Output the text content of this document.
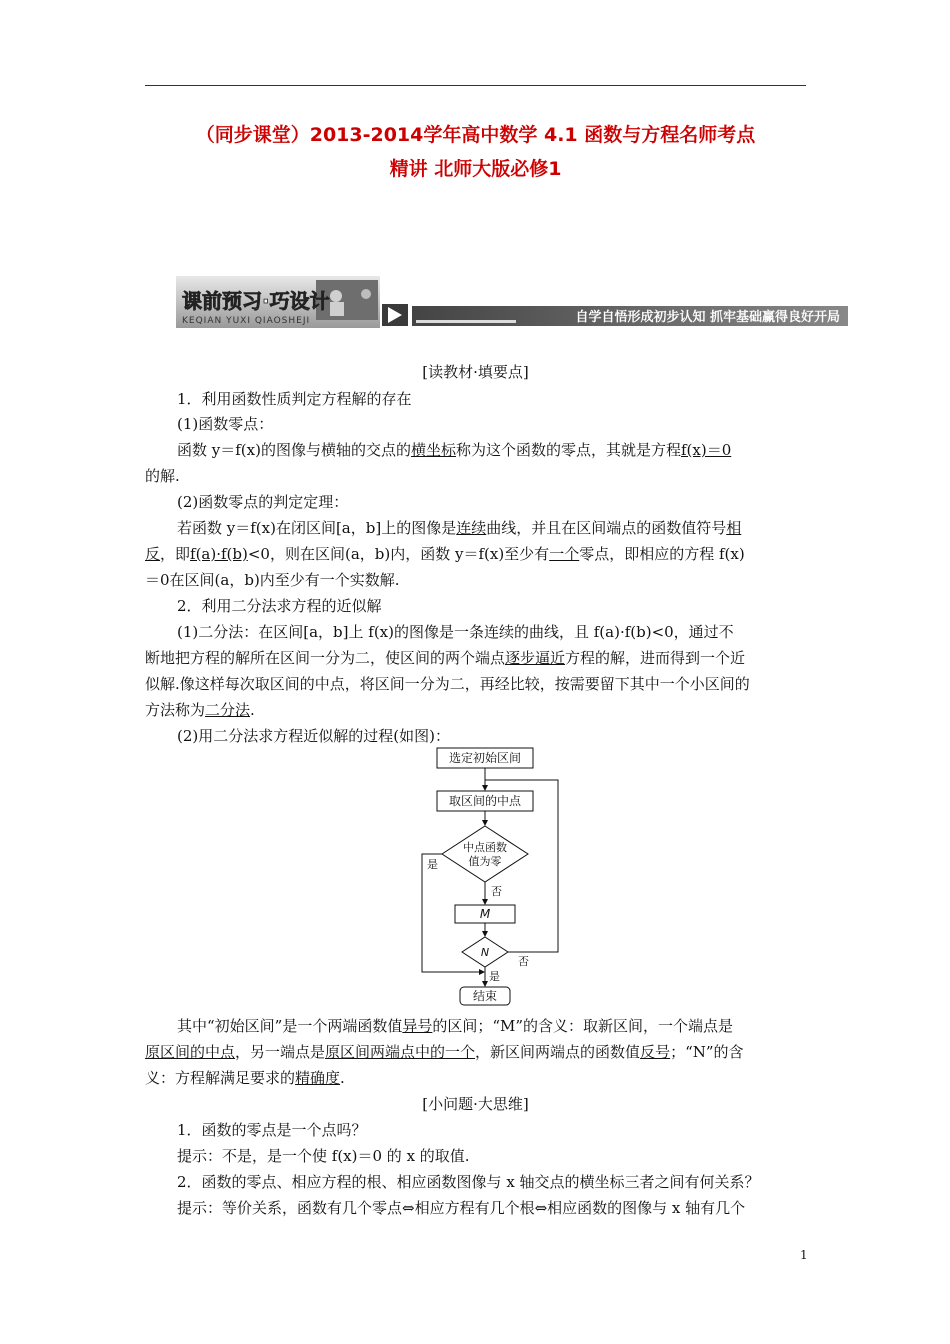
（同步课堂）2013-2014学年高中数学 4.1 函数与方程名师考点
精讲 北师大版必修1
课前预习·巧设计
KEQIAN YUXI QIAOSHEJI	自学自悟形成初步认知 抓牢基础赢得良好开局
[读教材·填要点]
1．利用函数性质判定方程解的存在
(1)函数零点：
函数 y＝f(x)的图像与横轴的交点的横坐标称为这个函数的零点，其就是方程f(x)＝0
的解.
(2)函数零点的判定定理：
若函数 y＝f(x)在闭区间[a，b]上的图像是连续曲线，并且在区间端点的函数值符号相
反，即f(a)·f(b)<0，则在区间(a，b)内，函数 y＝f(x)至少有一个零点，即相应的方程 f(x)
＝0在区间(a，b)内至少有一个实数解.
2．利用二分法求方程的近似解
(1)二分法：在区间[a，b]上 f(x)的图像是一条连续的曲线，且 f(a)·f(b)<0，通过不
断地把方程的解所在区间一分为二，使区间的两个端点逐步逼近方程的解，进而得到一个近
似解.像这样每次取区间的中点，将区间一分为二，再经比较，按需要留下其中一个小区间的
方法称为二分法.
(2)用二分法求方程近似解的过程(如图)：
选定初始区间
取区间的中点
中点函数
值为零
M
N
结束
是
否
是
否
其中“初始区间”是一个两端函数值异号的区间；“M”的含义：取新区间，一个端点是
原区间的中点，另一端点是原区间两端点中的一个，新区间两端点的函数值反号；“N”的含
义：方程解满足要求的精确度.
[小问题·大思维]
1．函数的零点是一个点吗？
提示：不是，是一个使 f(x)＝0 的 x 的取值.
2．函数的零点、相应方程的根、相应函数图像与 x 轴交点的横坐标三者之间有何关系？
提示：等价关系，函数有几个零点⇔相应方程有几个根⇔相应函数的图像与 x 轴有几个
1
